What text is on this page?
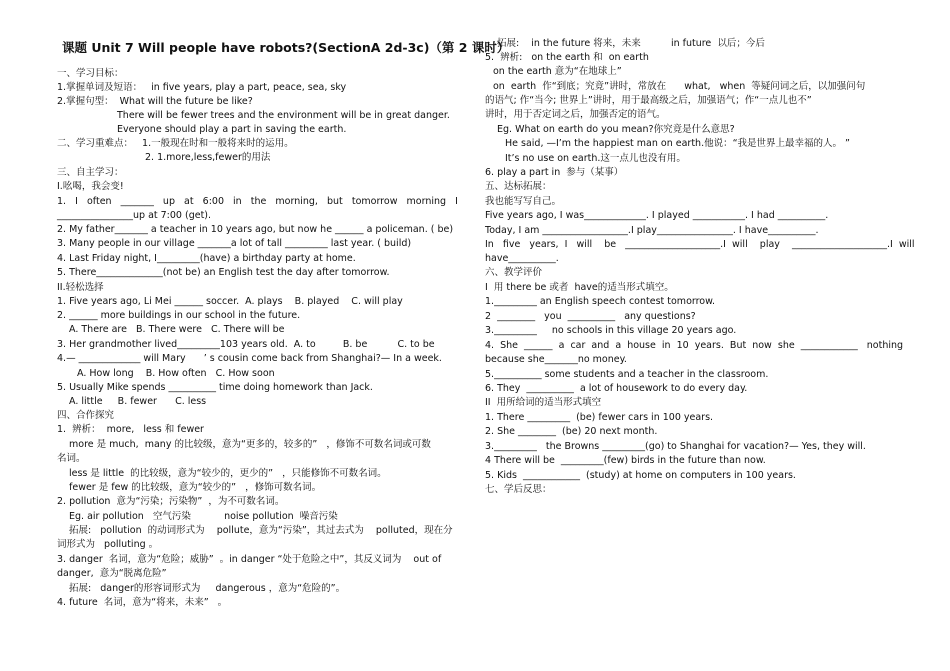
课题 Unit 7 Will people have robots?(SectionA 2d-3c)（第 2 课时）
一、学习目标：
1.掌握单词及短语：   in five years, play a part, peace, sea, sky
2.掌握句型：  What will the future be like?
There will be fewer trees and the environment will be in great danger.
Everyone should play a part in saving the earth.
二、学习重难点：   1.一般现在时和一般将来时的运用。
2. 1.more,less,fewer的用法
三、自主学习：
I.吆喝，我会变!
1.   I   often   _______   up   at   6:00   in   the   morning,   but   tomorrow   morning   I
________________up at 7:00 (get).
2. My father_______ a teacher in 10 years ago, but now he ______ a policeman. ( be)
3. Many people in our village _______a lot of tall _________ last year. ( build)
4. Last Friday night, I_________(have) a birthday party at home.
5. There______________(not be) an English test the day after tomorrow.
II.轻松选择
1. Five years ago, Li Mei ______ soccer.  A. plays    B. played    C. will play
2. ______ more buildings in our school in the future.
A. There are   B. There were   C. There will be
3. Her grandmother lived_________103 years old.  A. to         B. be          C. to be
4.— _____________ will Mary      ’ s cousin come back from Shanghai?— In a week.
A. How long    B. How often   C. How soon
5. Usually Mike spends __________ time doing homework than Jack.
A. little     B. fewer      C. less
四、合作探究
1.  辨析：  more,   less 和 fewer
more 是 much,  many 的比较级，意为“更多的，较多的”   ，修饰不可数名词或可数
名词。
less 是 little  的比较级，意为“较少的，更少的”   ，只能修饰不可数名词。
fewer 是 few 的比较级，意为“较少的”   ，修饰可数名词。
2. pollution  意为“污染；污染物”  ，为不可数名词。
Eg. air pollution   空气污染           noise pollution  噪音污染
拓展:   pollution  的动词形式为    pollute，意为“污染”，其过去式为    polluted，现在分
词形式为   polluting 。
3. danger  名词，意为“危险；威胁”  。in danger “处于危险之中”，其反义词为    out of
danger,  意为“脱离危险”
拓展:   danger的形容词形式为     dangerous ，意为“危险的”。
4. future  名词，意为“将来，未来”   。
拓展:    in the future 将来，未来          in future  以后；今后
5.  辨析:   on the earth 和  on earth
on the earth 意为“在地球上”
on  earth  作“到底；究竟”讲时，常放在      what,   when  等疑问词之后，以加强问句
的语气; 作“当今; 世界上”讲时，用于最高级之后，加强语气；作“一点儿也不”
讲时，用于否定词之后，加强否定的语气。
Eg. What on earth do you mean?你究竟是什么意思?
He said, —I’m the happiest man on earth.他说：“我是世界上最幸福的人。 ”
It’s no use on earth.这一点儿也没有用。
6. play a part in  参与（某事）
五、达标拓展：
我也能写写自己。
Five years ago, I was_____________. I played ___________. I had __________.
Today, I am __________________.I play________________. I have__________.
In   five   years,  I   will    be   ____________________.I  will    play    ____________________.I  will
have__________.
六、教学评价
I  用 there be 或者  have的适当形式填空。
1._________ an English speech contest tomorrow.
2  ________   you  __________   any questions?
3._________     no schools in this village 20 years ago.
4.  She  ______  a  car  and  a  house  in  10  years.  But  now  she  ____________   nothing
because she_______no money.
5.__________ some students and a teacher in the classroom.
6. They  __________  a lot of housework to do every day.
II  用所给词的适当形式填空
1. There _________  (be) fewer cars in 100 years.
2. She ________  (be) 20 next month.
3._________   the Browns _________(go) to Shanghai for vacation?— Yes, they will.
4 There will be  _________(few) birds in the future than now.
5. Kids  ____________  (study) at home on computers in 100 years.
七、学后反思：
